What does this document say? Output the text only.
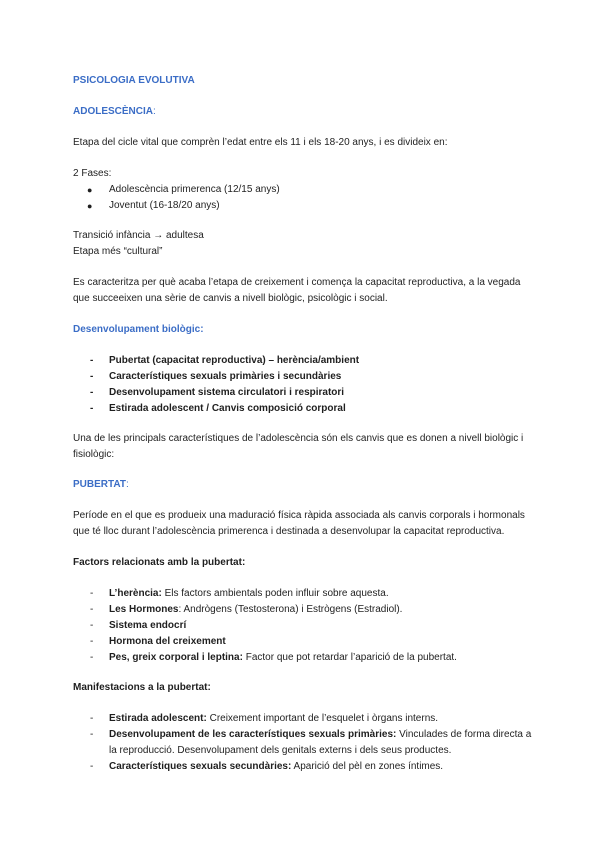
PSICOLOGIA EVOLUTIVA

ADOLESCÈNCIA:

Etapa del cicle vital que comprèn l’edat entre els 11 i els 18-20 anys, i es divideix en:

2 Fases:

● Adolescència primerenca (12/15 anys)
● Joventut (16-18/20 anys)

Transició infància → adultesa

Etapa més “cultural”

Es caracteritza per què acaba l’etapa de creixement i comença la capacitat reproductiva, a la vegada
que succeeixen una sèrie de canvis a nivell biològic, psicològic i social.

Desenvolupament biològic:

- Pubertat (capacitat reproductiva) – herència/ambient
- Característiques sexuals primàries i secundàries
- Desenvolupament sistema circulatori i respiratori
- Estirada adolescent / Canvis composició corporal

Una de les principals característiques de l’adolescència són els canvis que es donen a nivell biològic i
fisiològic:

PUBERTAT:

Període en el que es produeix una maduració física ràpida associada als canvis corporals i hormonals
que té lloc durant l’adolescència primerenca i destinada a desenvolupar la capacitat reproductiva.

Factors relacionats amb la pubertat:

- L’herència: Els factors ambientals poden influir sobre aquesta.
- Les Hormones: Andrògens (Testosterona) i Estrògens (Estradiol).
- Sistema endocrí
- Hormona del creixement
- Pes, greix corporal i leptina: Factor que pot retardar l’aparició de la pubertat.

Manifestacions a la pubertat:

- Estirada adolescent: Creixement important de l’esquelet i òrgans interns.
- Desenvolupament de les característiques sexuals primàries: Vinculades de forma directa a
la reproducció. Desenvolupament dels genitals externs i dels seus productes.
- Característiques sexuals secundàries: Aparició del pèl en zones íntimes.
